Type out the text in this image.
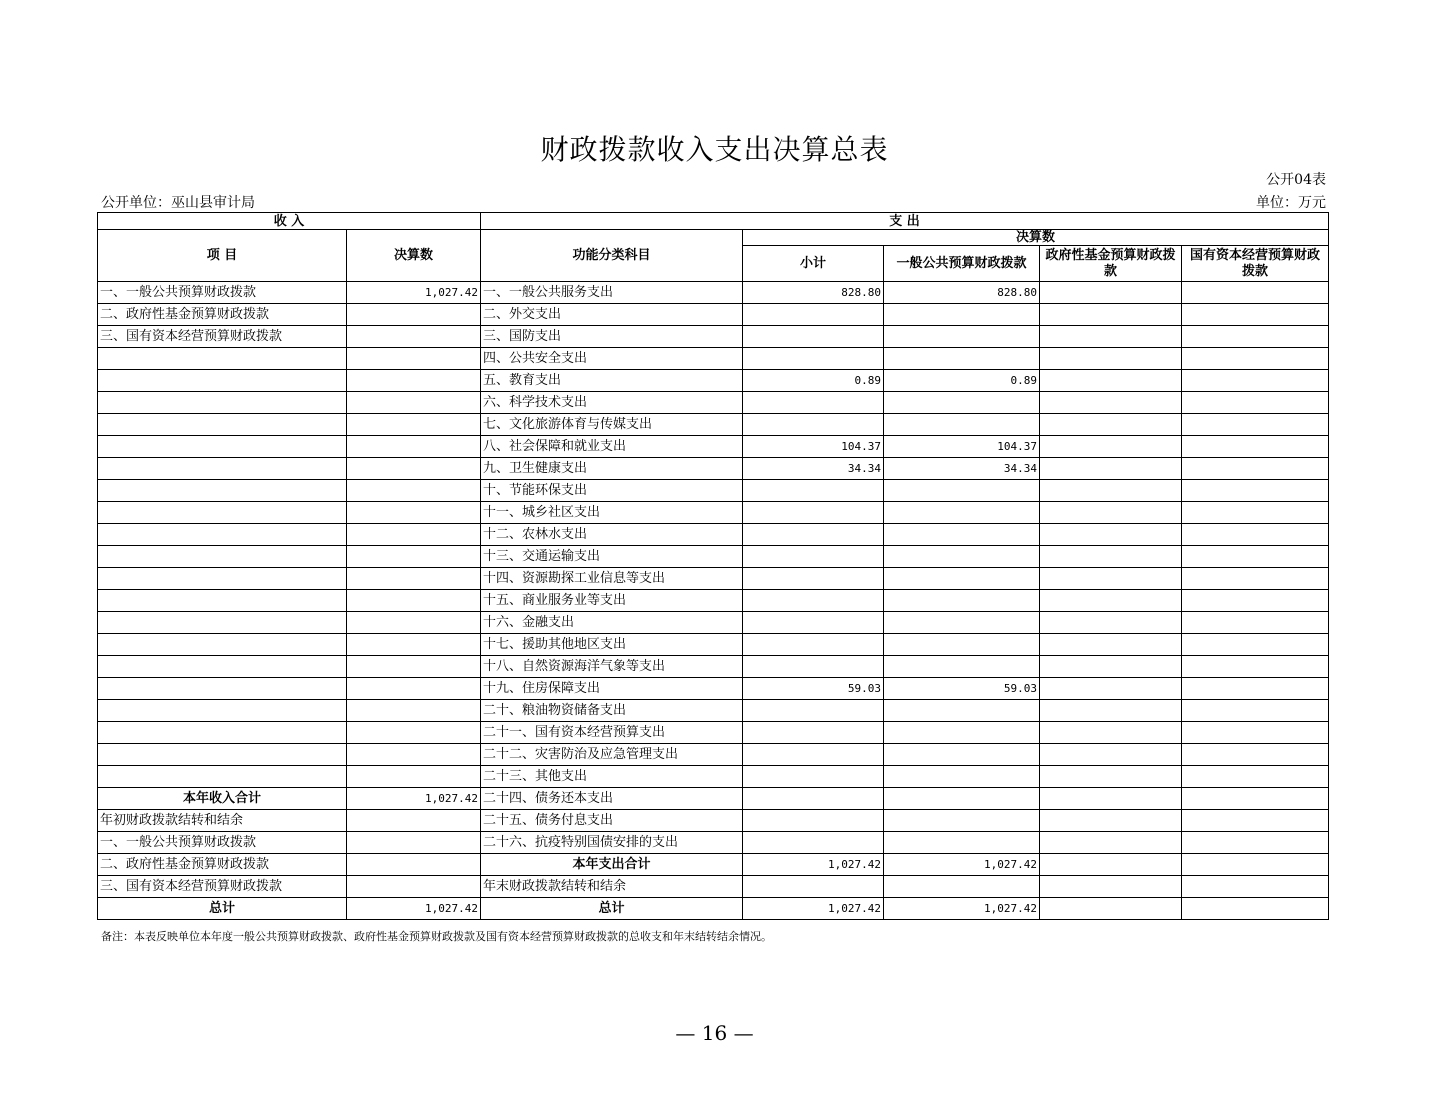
财政拨款收入支出决算总表
公开04表
公开单位：巫山县审计局	单位：万元
收 入		支 出				
项 目	决算数	功能分类科目	决算数			
			小计	一般公共预算财政拨款	政府性基金预算财政拨款	国有资本经营预算财政拨款

一、一般公共预算财政拨款	1,027.42	一、一般公共服务支出	828.80	828.80		
二、政府性基金预算财政拨款		二、外交支出				
三、国有资本经营预算财政拨款		三、国防支出				
		四、公共安全支出				
		五、教育支出	0.89	0.89		
		六、科学技术支出				
		七、文化旅游体育与传媒支出				
		八、社会保障和就业支出	104.37	104.37		
		九、卫生健康支出	34.34	34.34		
		十、节能环保支出				
		十一、城乡社区支出				
		十二、农林水支出				
		十三、交通运输支出				
		十四、资源勘探工业信息等支出				
		十五、商业服务业等支出				
		十六、金融支出				
		十七、援助其他地区支出				
		十八、自然资源海洋气象等支出				
		十九、住房保障支出	59.03	59.03		
		二十、粮油物资储备支出				
		二十一、国有资本经营预算支出				
		二十二、灾害防治及应急管理支出				
		二十三、其他支出				
本年收入合计	1,027.42	二十四、债务还本支出				
年初财政拨款结转和结余		二十五、债务付息支出				
一、一般公共预算财政拨款		二十六、抗疫特别国债安排的支出				
二、政府性基金预算财政拨款		本年支出合计	1,027.42	1,027.42		
三、国有资本经营预算财政拨款		年末财政拨款结转和结余				
总计	1,027.42	总计	1,027.42	1,027.42		
备注：本表反映单位本年度一般公共预算财政拨款、政府性基金预算财政拨款及国有资本经营预算财政拨款的总收支和年末结转结余情况。
— 16 —
